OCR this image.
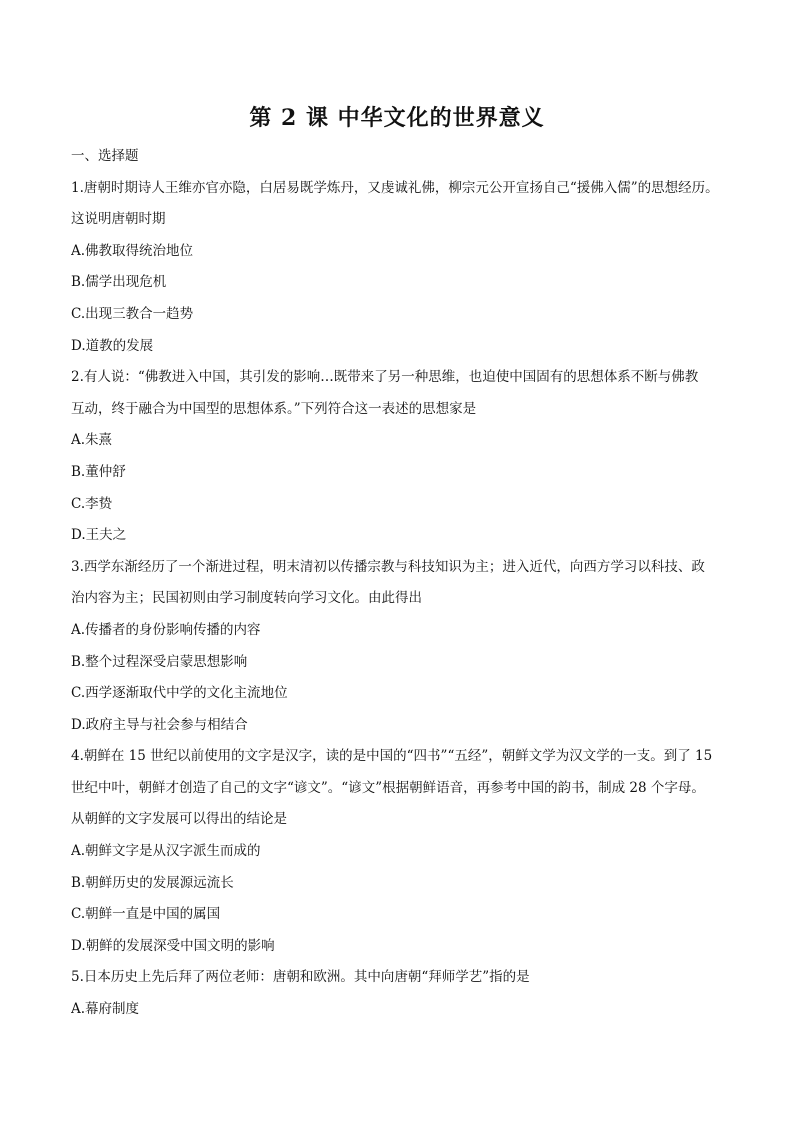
第 2 课 中华文化的世界意义
一、选择题
1.唐朝时期诗人王维亦官亦隐，白居易既学炼丹，又虔诚礼佛，柳宗元公开宣扬自己“援佛入儒”的思想经历。
这说明唐朝时期
A.佛教取得统治地位
B.儒学出现危机
C.出现三教合一趋势
D.道教的发展
2.有人说：“佛教进入中国，其引发的影响…既带来了另一种思维，也迫使中国固有的思想体系不断与佛教
互动，终于融合为中国型的思想体系。”下列符合这一表述的思想家是
A.朱熹
B.董仲舒
C.李贽
D.王夫之
3.西学东渐经历了一个渐进过程，明末清初以传播宗教与科技知识为主；进入近代，向西方学习以科技、政
治内容为主；民国初则由学习制度转向学习文化。由此得出
A.传播者的身份影响传播的内容
B.整个过程深受启蒙思想影响
C.西学逐渐取代中学的文化主流地位
D.政府主导与社会参与相结合
4.朝鲜在 15 世纪以前使用的文字是汉字，读的是中国的“四书”“五经”，朝鲜文学为汉文学的一支。到了 15
世纪中叶，朝鲜才创造了自己的文字“谚文”。“谚文”根据朝鲜语音，再参考中国的韵书，制成 28 个字母。
从朝鲜的文字发展可以得出的结论是
A.朝鲜文字是从汉字派生而成的
B.朝鲜历史的发展源远流长
C.朝鲜一直是中国的属国
D.朝鲜的发展深受中国文明的影响
5.日本历史上先后拜了两位老师：唐朝和欧洲。其中向唐朝“拜师学艺”指的是
A.幕府制度
